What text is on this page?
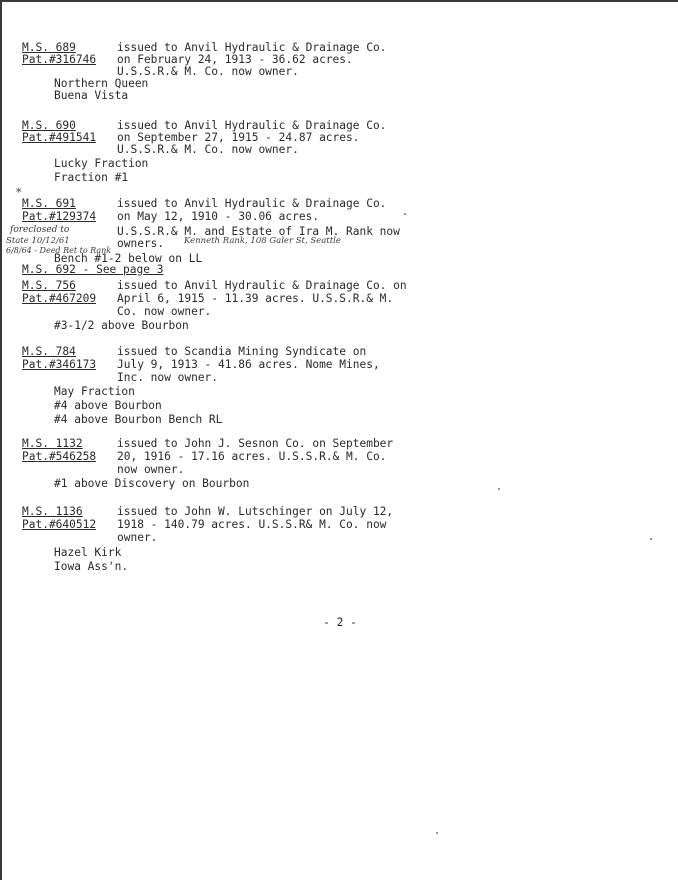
M.S. 689	issued to Anvil Hydraulic & Drainage Co.
Pat.#316746 on February 24, 1913 - 36.62 acres.
U.S.S.R.& M. Co. now owner.
Northern Queen
Buena Vista
M.S. 690	issued to Anvil Hydraulic & Drainage Co.
Pat.#491541 on September 27, 1915 - 24.87 acres.
U.S.S.R.& M. Co. now owner.
Lucky Fraction
Fraction #1
*
M.S. 691	issued to Anvil Hydraulic & Drainage Co.
Pat.#129374 on May 12, 1910 - 30.06 acres.
foreclosed to	U.S.S.R.& M. and Estate of Ira M. Rank now
State 10/12/61	owners. Kenneth Rank, 108 Galer St, Seattle
6/8/64 - Deed Ret to Rank
Bench #1-2 below on LL
M.S. 692 - See page 3
M.S. 756	issued to Anvil Hydraulic & Drainage Co. on
Pat.#467209 April 6, 1915 - 11.39 acres. U.S.S.R.& M.
Co. now owner.
#3-1/2 above Bourbon
M.S. 784	issued to Scandia Mining Syndicate on
Pat.#346173 July 9, 1913 - 41.86 acres. Nome Mines,
Inc. now owner.
May Fraction
#4 above Bourbon
#4 above Bourbon Bench RL
M.S. 1132	issued to John J. Sesnon Co. on September
Pat.#546258 20, 1916 - 17.16 acres. U.S.S.R.& M. Co.
now owner.
#1 above Discovery on Bourbon
M.S. 1136	issued to John W. Lutschinger on July 12,
Pat.#640512 1918 - 140.79 acres. U.S.S.R& M. Co. now
owner.
Hazel Kirk
Iowa Ass'n.
- 2 -
